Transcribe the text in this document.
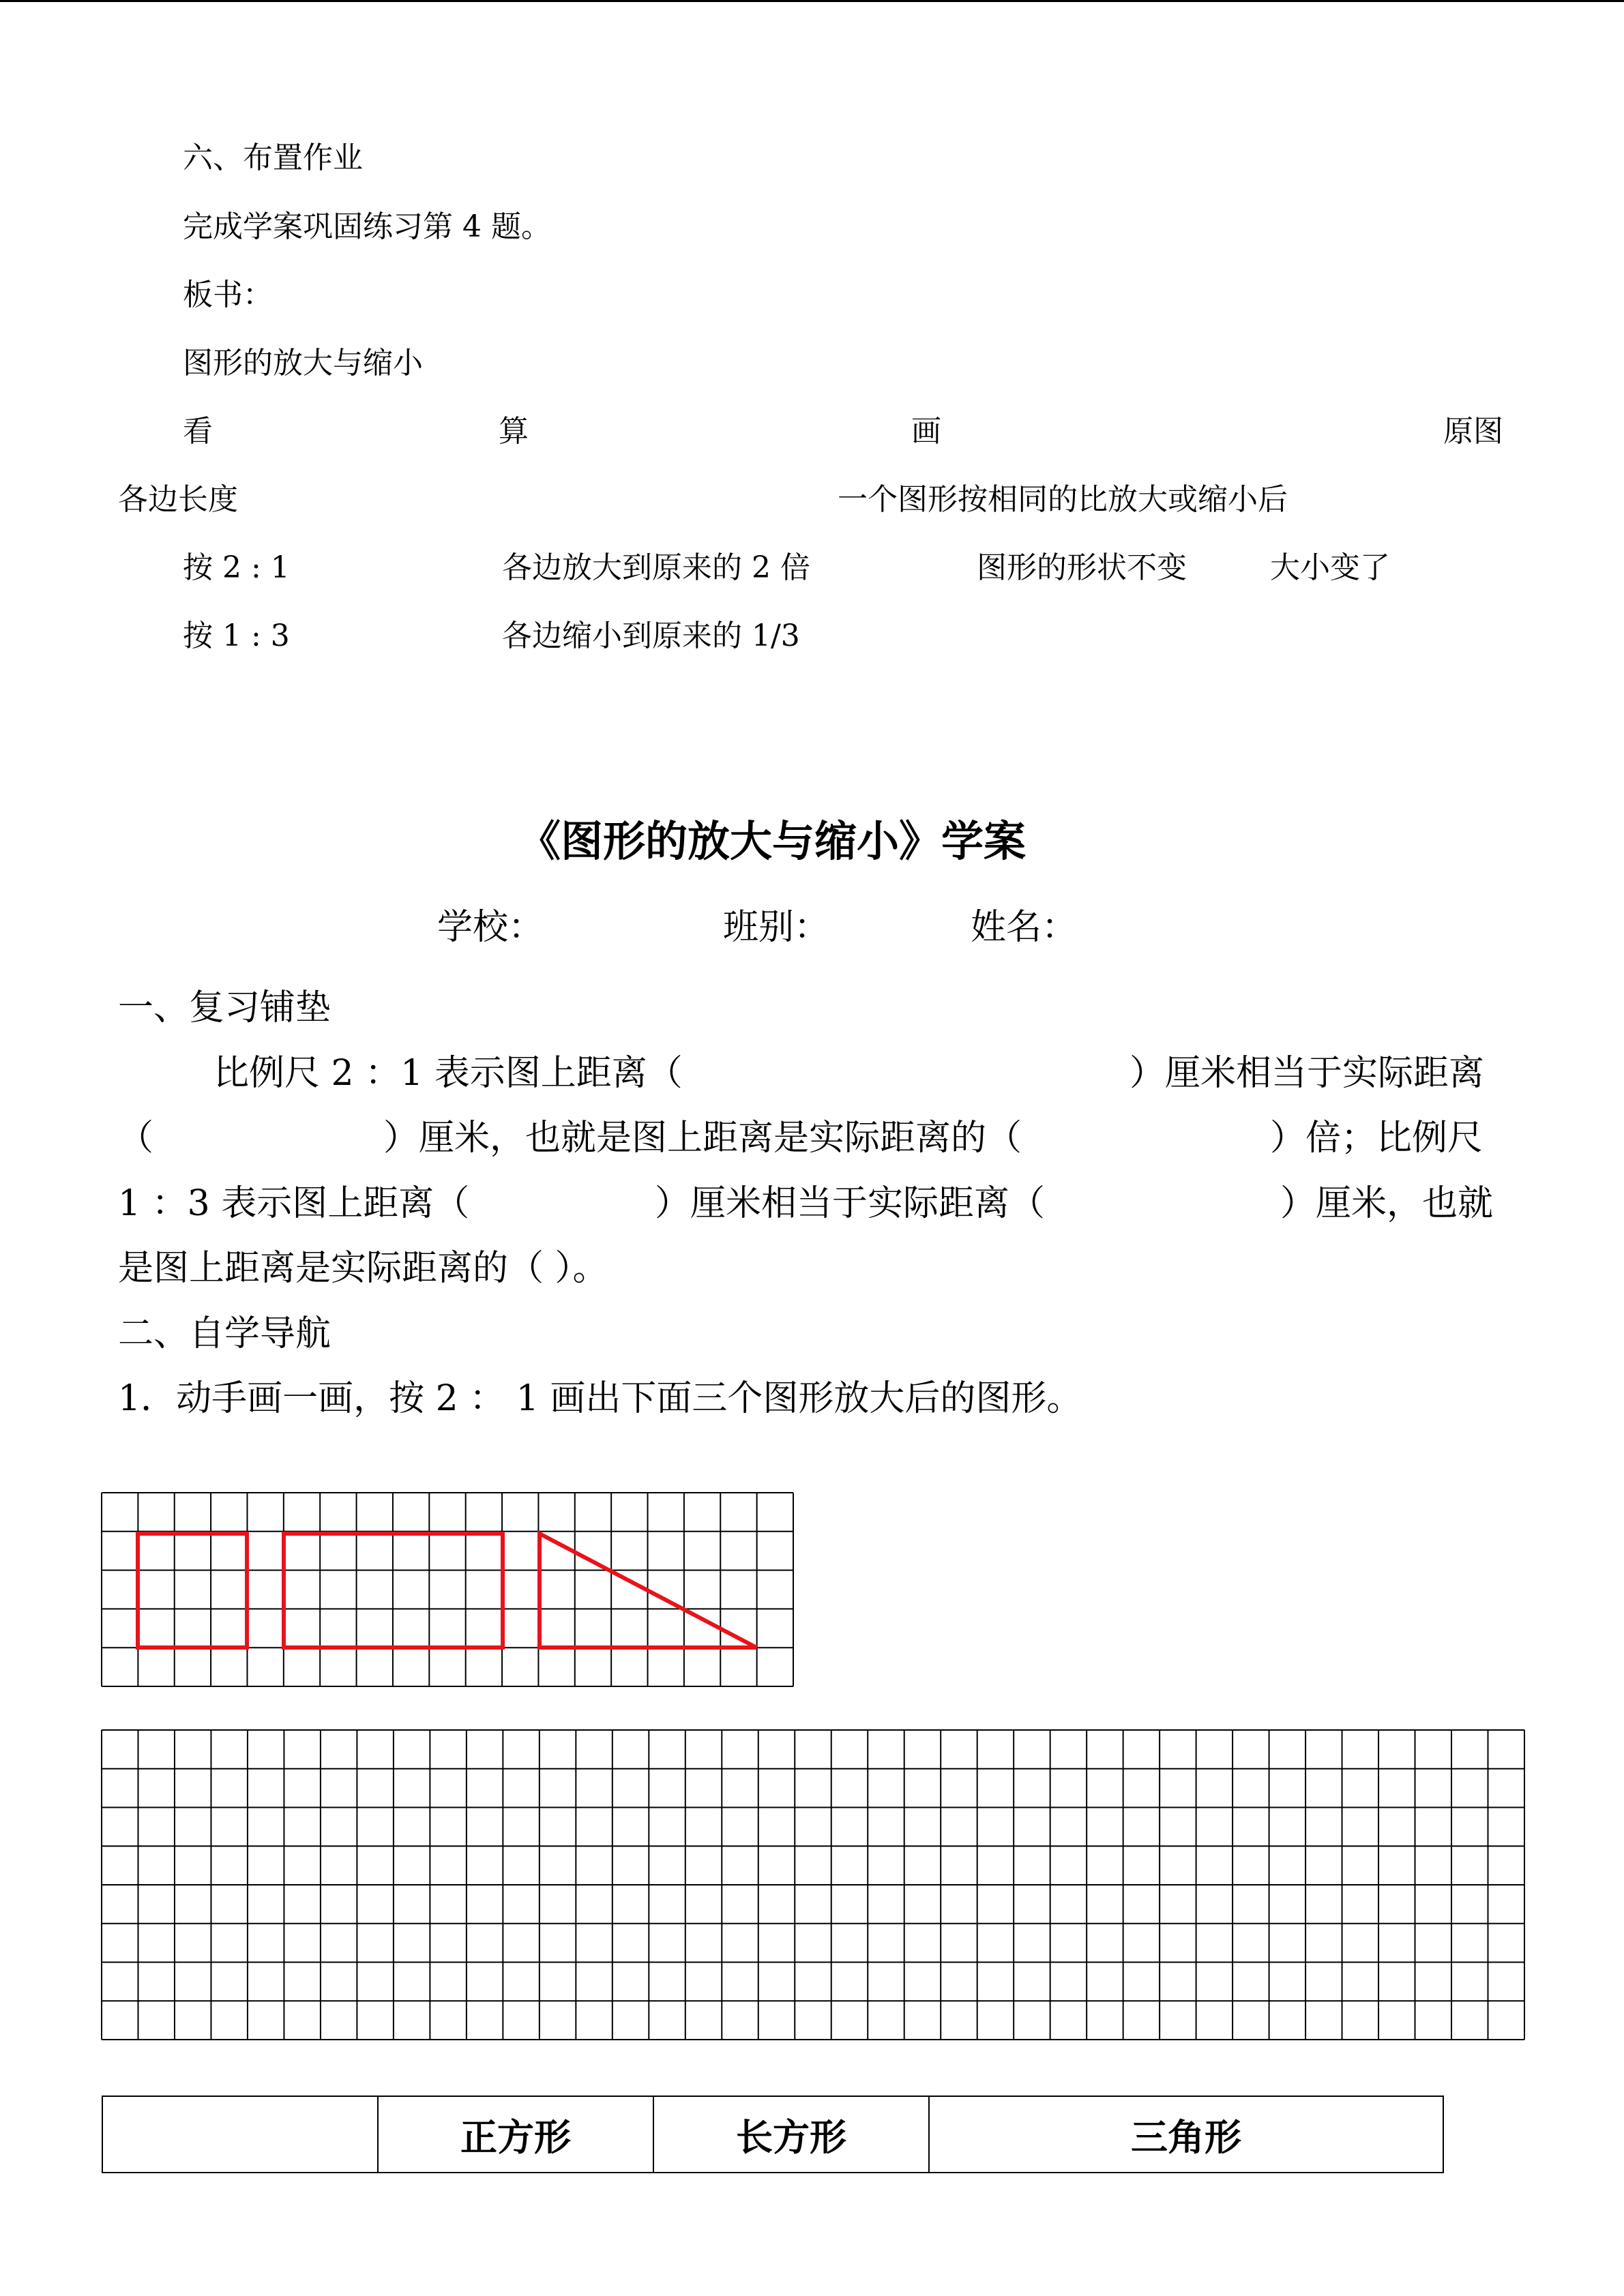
六、布置作业
完成学案巩固练习第 4 题。
板书：
图形的放大与缩小
看	算	画	原图
各边长度	一个图形按相同的比放大或缩小后
按 2 : 1	各边放大到原来的 2 倍	图形的形状不变	大小变了
按 1 : 3	各边缩小到原来的 1/3
《图形的放大与缩小》学案
学校：	班别：	姓名：
一、复习铺垫
比例尺 2 ：1 表示图上距离（	）厘米相当于实际距离
（	）厘米，也就是图上距离是实际距离的（	）倍；比例尺
1 ：3 表示图上距离（	）厘米相当于实际距离（	）厘米，也就
是图上距离是实际距离的（ ）。
二、自学导航
1．动手画一画，按 2 ： 1 画出下面三个图形放大后的图形。
	正方形	长方形	三角形
